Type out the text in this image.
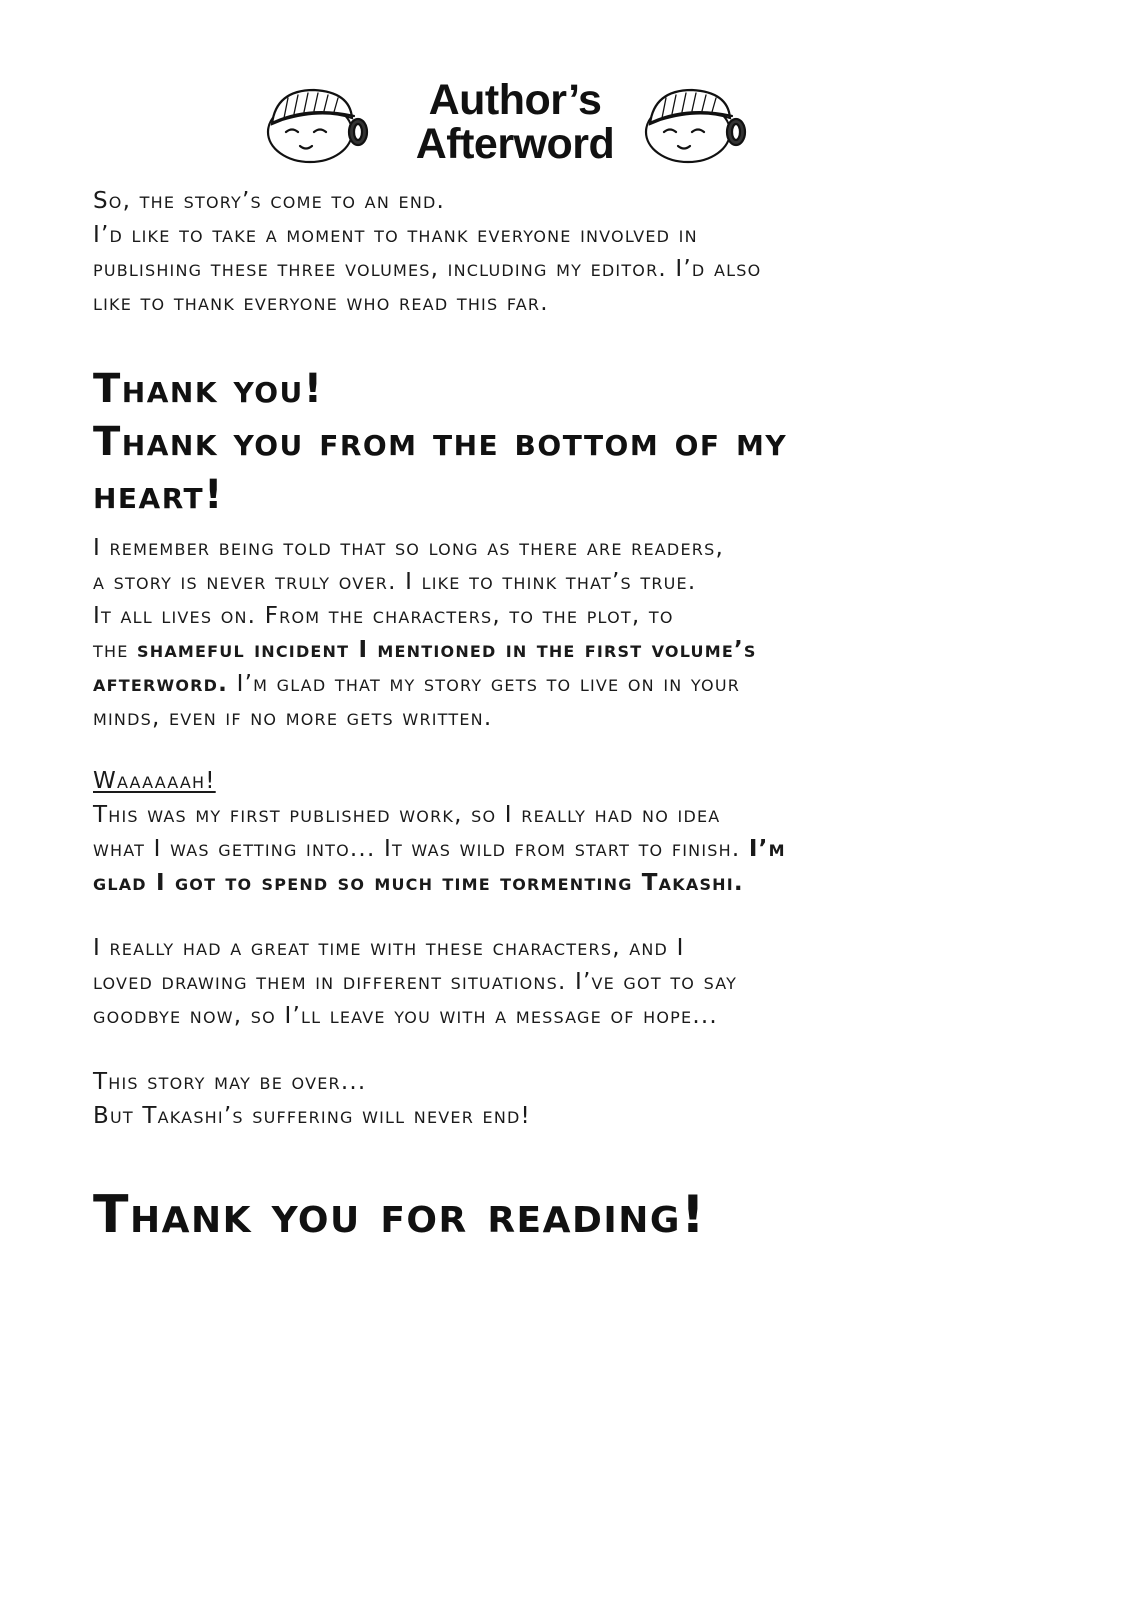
Author’s
Afterword
So, the story’s come to an end.
I’d like to take a moment to thank everyone involved in
publishing these three volumes, including my editor. I’d also
like to thank everyone who read this far.
Thank you!
Thank you from the bottom of my
heart!
I remember being told that so long as there are readers,
a story is never truly over. I like to think that’s true.
It all lives on. From the characters, to the plot, to
the shameful incident I mentioned in the first volume’s
afterword. I’m glad that my story gets to live on in your
minds, even if no more gets written.
Waaaaaah!
This was my first published work, so I really had no idea
what I was getting into... It was wild from start to finish. I’m
glad I got to spend so much time tormenting Takashi.
I really had a great time with these characters, and I
loved drawing them in different situations. I’ve got to say
goodbye now, so I’ll leave you with a message of hope...
This story may be over...
But Takashi’s suffering will never end!
Thank you for reading!
